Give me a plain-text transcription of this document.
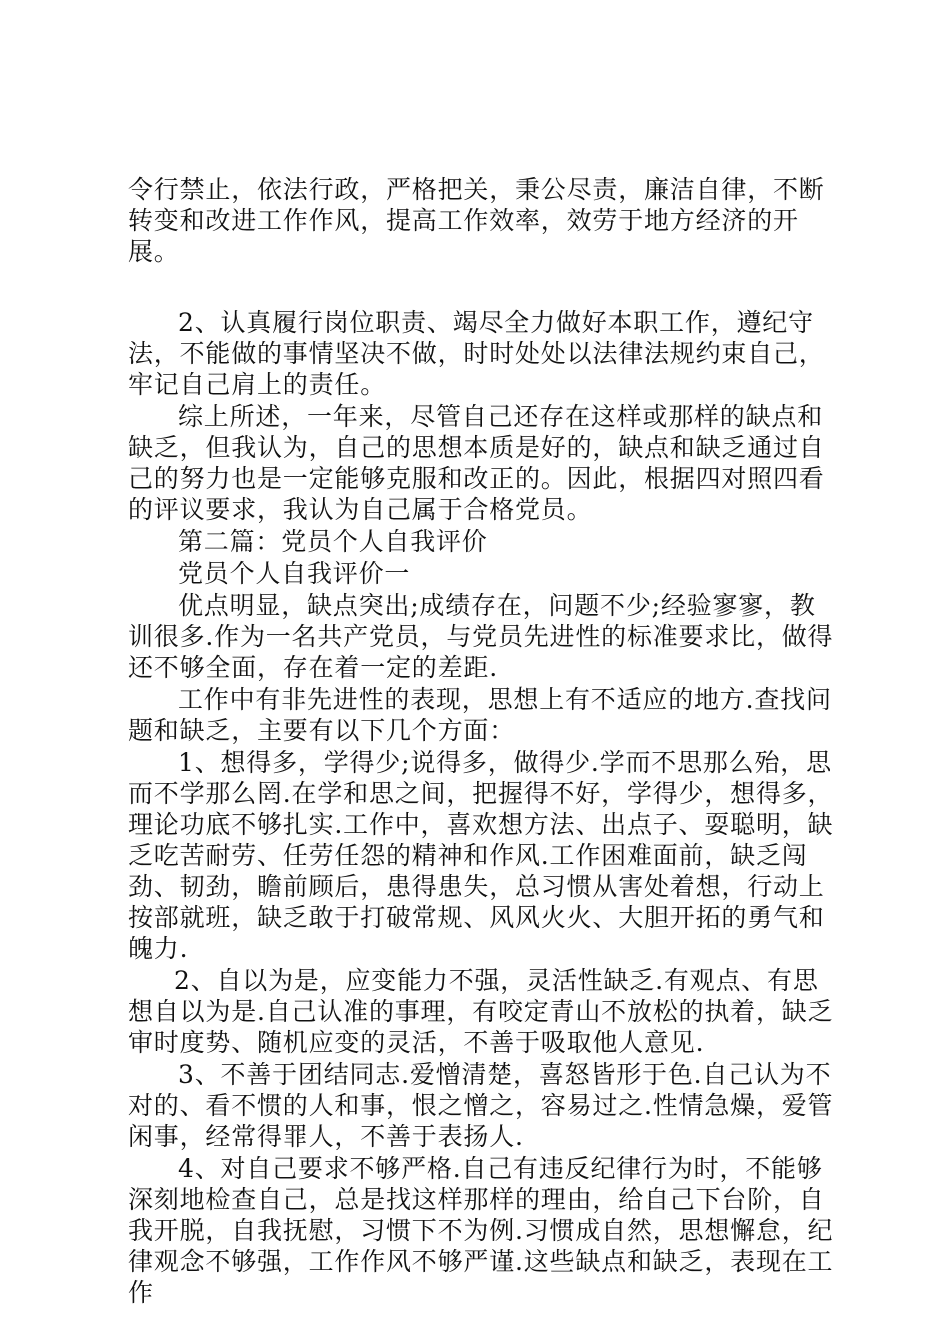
令行禁止，依法行政，严格把关，秉公尽责，廉洁自律，不断转变和改进工作作风，提高工作效率，效劳于地方经济的开展。

2、认真履行岗位职责、竭尽全力做好本职工作，遵纪守法，不能做的事情坚决不做，时时处处以法律法规约束自己，牢记自己肩上的责任。

综上所述，一年来，尽管自己还存在这样或那样的缺点和缺乏，但我认为，自己的思想本质是好的，缺点和缺乏通过自己的努力也是一定能够克服和改正的。因此，根据四对照四看的评议要求，我认为自己属于合格党员。

第二篇：党员个人自我评价

党员个人自我评价一

优点明显，缺点突出;成绩存在，问题不少;经验寥寥，教训很多.作为一名共产党员，与党员先进性的标准要求比，做得还不够全面，存在着一定的差距.

工作中有非先进性的表现，思想上有不适应的地方.查找问题和缺乏，主要有以下几个方面：

1、想得多，学得少;说得多，做得少.学而不思那么殆，思而不学那么罔.在学和思之间，把握得不好，学得少，想得多，理论功底不够扎实.工作中，喜欢想方法、出点子、耍聪明，缺乏吃苦耐劳、任劳任怨的精神和作风.工作困难面前，缺乏闯劲、韧劲，瞻前顾后，患得患失，总习惯从害处着想，行动上按部就班，缺乏敢于打破常规、风风火火、大胆开拓的勇气和魄力.

2、自以为是，应变能力不强，灵活性缺乏.有观点、有思想自以为是.自己认准的事理，有咬定青山不放松的执着，缺乏审时度势、随机应变的灵活，不善于吸取他人意见.

3、不善于团结同志.爱憎清楚，喜怒皆形于色.自己认为不对的、看不惯的人和事，恨之憎之，容易过之.性情急燥，爱管闲事，经常得罪人，不善于表扬人.

4、对自己要求不够严格.自己有违反纪律行为时，不能够深刻地检查自己，总是找这样那样的理由，给自己下台阶，自我开脱，自我抚慰，习惯下不为例.习惯成自然，思想懈怠，纪律观念不够强，工作作风不够严谨.这些缺点和缺乏，表现在工作
